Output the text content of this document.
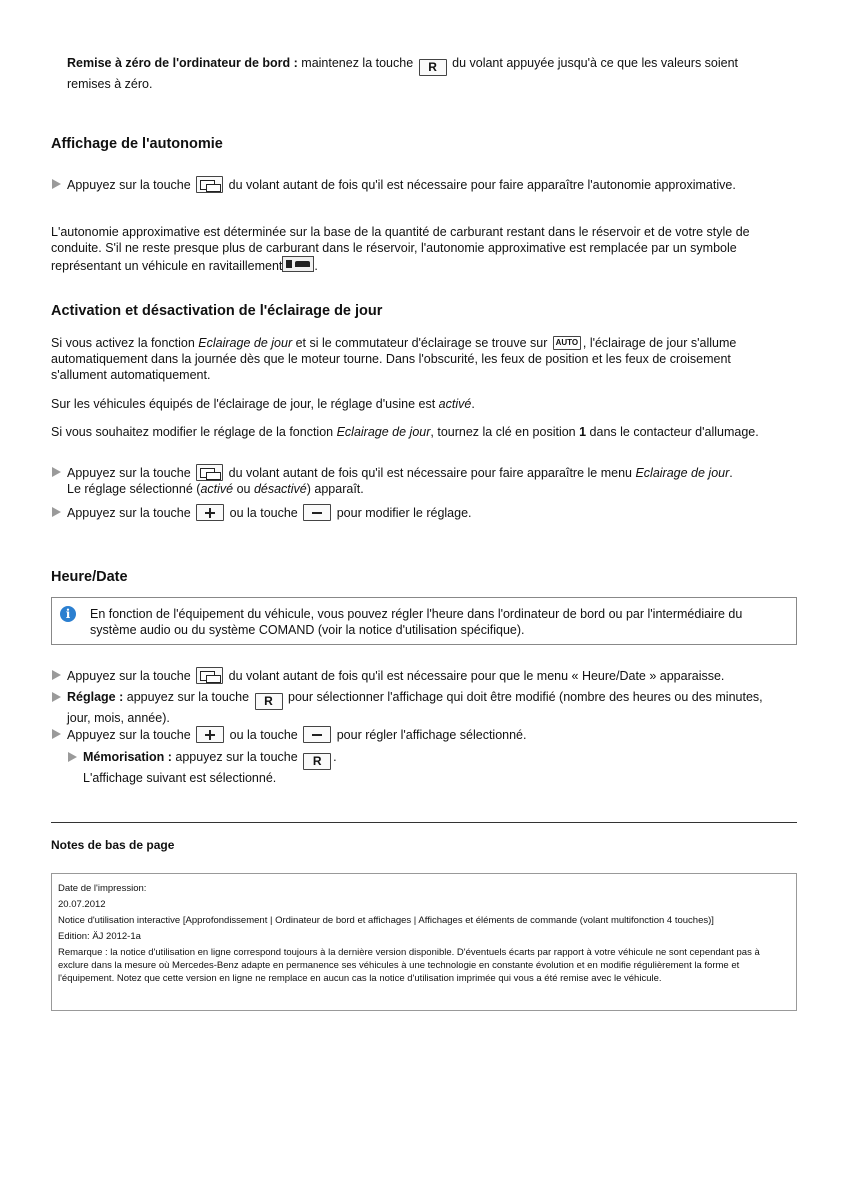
Remise à zéro de l'ordinateur de bord : maintenez la touche R du volant appuyée jusqu'à ce que les valeurs soient remises à zéro.

Affichage de l'autonomie

Appuyez sur la touche
du volant autant de fois qu'il est nécessaire pour faire apparaître l'autonomie approximative.

L'autonomie approximative est déterminée sur la base de la quantité de carburant restant dans le réservoir et de votre style de conduite. S'il ne reste presque plus de carburant dans le réservoir, l'autonomie approximative est remplacée par un symbole représentant un véhicule en ravitaillement	.

Activation et désactivation de l'éclairage de jour

Si vous activez la fonction Eclairage de jour et si le commutateur d'éclairage se trouve sur AUTO , l'éclairage de jour s'allume automatiquement dans la journée dès que le moteur tourne. Dans l'obscurité, les feux de position et les feux de croisement s'allument automatiquement.

Sur les véhicules équipés de l'éclairage de jour, le réglage d'usine est activé.

Si vous souhaitez modifier le réglage de la fonction Eclairage de jour, tournez la clé en position 1 dans le contacteur d'allumage.

Appuyez sur la touche
du volant autant de fois qu'il est nécessaire pour faire apparaître le menu Eclairage de jour.
Le réglage sélectionné (activé ou désactivé) apparaît.

Appuyez sur la touche	ou la touche	pour modifier le réglage.

Heure/Date
i	En fonction de l'équipement du véhicule, vous pouvez régler l'heure dans l'ordinateur de bord ou par l'intermédiaire du système audio ou du système COMAND (voir la notice d'utilisation spécifique).

Appuyez sur la touche
du volant autant de fois qu'il est nécessaire pour que le menu « Heure/Date » apparaisse.

Réglage : appuyez sur la touche R pour sélectionner l'affichage qui doit être modifié (nombre des heures ou des minutes, jour, mois, année).

Appuyez sur la touche	ou la touche	pour régler l'affichage sélectionné.

Mémorisation : appuyez sur la touche R .
L'affichage suivant est sélectionné.

Notes de bas de page

Date de l'impression:

20.07.2012

Notice d'utilisation interactive [Approfondissement | Ordinateur de bord et affichages | Affichages et éléments de commande (volant multifonction 4 touches)]

Edition: ÄJ 2012-1a

Remarque : la notice d'utilisation en ligne correspond toujours à la dernière version disponible. D'éventuels écarts par rapport à votre véhicule ne sont cependant pas à exclure dans la mesure où Mercedes-Benz adapte en permanence ses véhicules à une technologie en constante évolution et en modifie régulièrement la forme et l'équipement. Notez que cette version en ligne ne remplace en aucun cas la notice d'utilisation imprimée qui vous a été remise avec le véhicule.
